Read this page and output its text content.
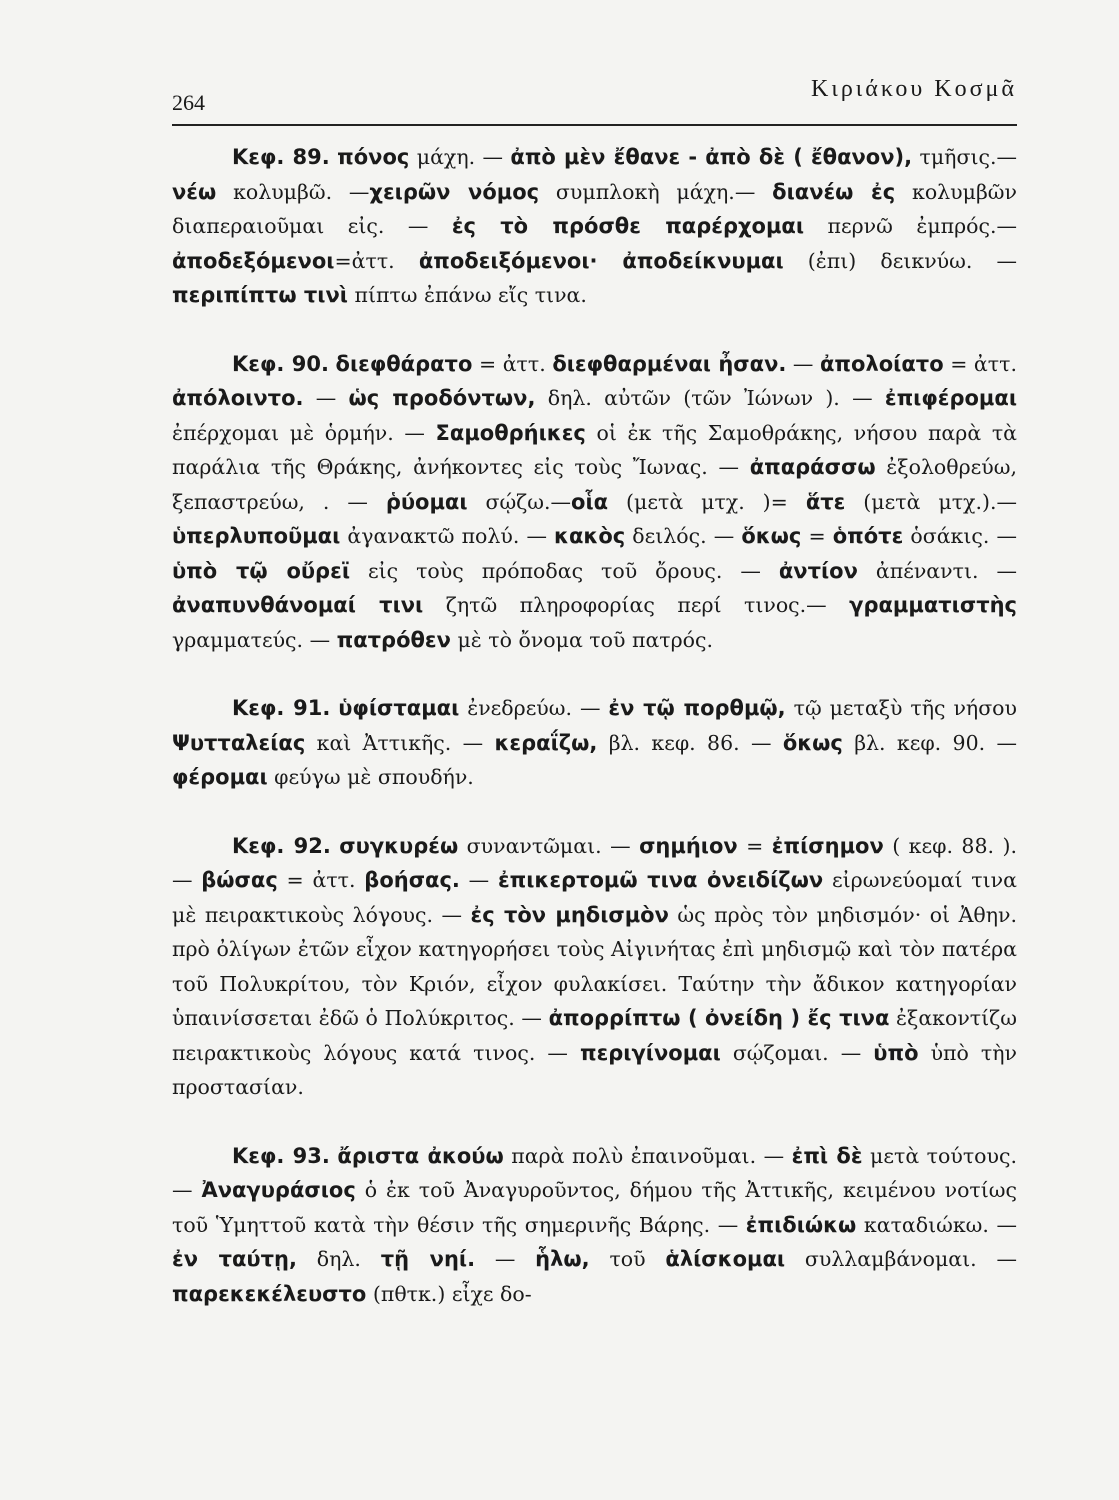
264
Κιριάκου Κοσμᾶ

Κεφ. 89. πόνος μάχη. — ἀπὸ μὲν ἔθανε - ἀπὸ δὲ ( ἔθανον), τμῆσις.—νέω κολυμβῶ. —χειρῶν νόμος συμπλοκὴ μάχη.— διανέω ἐς κολυμβῶν διαπεραιοῦμαι εἰς. — ἐς τὸ πρόσθε παρέρχομαι περνῶ ἐμπρός.— ἀποδεξόμενοι=ἀττ. ἀποδειξόμενοι· ἀποδείκνυμαι (ἐπι) δεικνύω. — περιπίπτω τινὶ πίπτω ἐπάνω εἴς τινα.

Κεφ. 90. διεφθάρατο = ἀττ. διεφθαρμέναι ἦσαν. — ἀπολοίατο = ἀττ. ἀπόλοιντο. — ὡς προδόντων, δηλ. αὐτῶν (τῶν Ἰώνων ). — ἐπιφέρομαι ἐπέρχομαι μὲ ὁρμήν. — Σαμοθρήικες οἱ ἐκ τῆς Σαμοθράκης, νήσου παρὰ τὰ παράλια τῆς Θράκης, ἀνήκοντες εἰς τοὺς Ἴωνας. — ἀπαράσσω ἐξολοθρεύω, ξεπαστρεύω, . — ῥύομαι σῴζω.—οἷα (μετὰ μτχ. )= ἅτε (μετὰ μτχ.).—ὑπερλυποῦμαι ἀγανακτῶ πολύ. — κακὸς δειλός. — ὅκως = ὁπότε ὁσάκις. — ὑπὸ τῷ οὔρεϊ εἰς τοὺς πρόποδας τοῦ ὄρους. — ἀντίον ἀπέναντι. — ἀναπυνθάνομαί τινι ζητῶ πληροφορίας περί τινος.— γραμματιστὴς γραμματεύς. — πατρόθεν μὲ τὸ ὄνομα τοῦ πατρός.

Κεφ. 91. ὑφίσταμαι ἐνεδρεύω. — ἐν τῷ πορθμῷ, τῷ μεταξὺ τῆς νήσου Ψυτταλείας καὶ Ἀττικῆς. — κεραΐζω, βλ. κεφ. 86. — ὅκως βλ. κεφ. 90. — φέρομαι φεύγω μὲ σπουδήν.

Κεφ. 92. συγκυρέω συναντῶμαι. — σημήιον = ἐπίσημον ( κεφ. 88. ). — βώσας = ἀττ. βοήσας. — ἐπικερτομῶ τινα ὀνειδίζων εἰρωνεύομαί τινα μὲ πειρακτικοὺς λόγους. — ἐς τὸν μηδισμὸν ὡς πρὸς τὸν μηδισμόν· οἱ Ἀθην. πρὸ ὀλίγων ἐτῶν εἶχον κατηγορήσει τοὺς Αἰγινήτας ἐπὶ μηδισμῷ καὶ τὸν πατέρα τοῦ Πολυκρίτου, τὸν Κριόν, εἶχον φυλακίσει. Ταύτην τὴν ἄδικον κατηγορίαν ὑπαινίσσεται ἐδῶ ὁ Πολύκριτος. — ἀπορρίπτω ( ὀνείδη ) ἔς τινα ἐξακοντίζω πειρακτικοὺς λόγους κατά τινος. — περιγίνομαι σῴζομαι. — ὑπὸ ὑπὸ τὴν προστασίαν.

Κεφ. 93. ἄριστα ἀκούω παρὰ πολὺ ἐπαινοῦμαι. — ἐπὶ δὲ μετὰ τούτους. — Ἀναγυράσιος ὁ ἐκ τοῦ Ἀναγυροῦντος, δήμου τῆς Ἀττικῆς, κειμένου νοτίως τοῦ Ὑμηττοῦ κατὰ τὴν θέσιν τῆς σημερινῆς Βάρης. — ἐπιδιώκω καταδιώκω. — ἐν ταύτῃ, δηλ. τῇ νηί. — ἧλω, τοῦ ἁλίσκομαι συλλαμβάνομαι. — παρεκεκέλευστο (πθτκ.) εἶχε δο-
